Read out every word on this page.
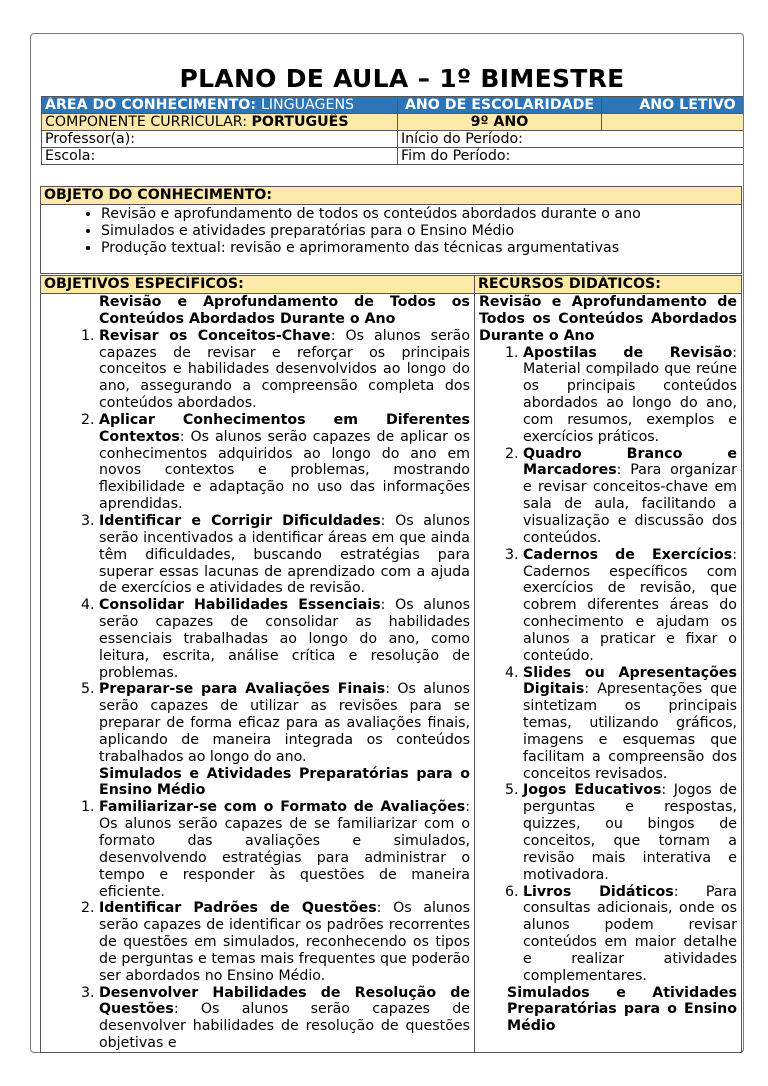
PLANO DE AULA – 1º BIMESTRE
ÁREA DO CONHECIMENTO: LINGUAGENS	ANO DE ESCOLARIDADE	ANO LETIVO
COMPONENTE CURRICULAR: PORTUGUÊS	9º ANO	
Professor(a):	Início do Período:	
Escola:	Fim do Período:	
OBJETO DO CONHECIMENTO:
• Revisão e aprofundamento de todos os conteúdos abordados durante o ano
• Simulados e atividades preparatórias para o Ensino Médio
• Produção textual: revisão e aprimoramento das técnicas argumentativas
OBJETIVOS ESPECÍFICOS:

Revisão e Aprofundamento de Todos os Conteúdos Abordados Durante o Ano

1. Revisar os Conceitos-Chave: Os alunos serão capazes de revisar e reforçar os principais conceitos e habilidades desenvolvidos ao longo do ano, assegurando a compreensão completa dos conteúdos abordados.
2. Aplicar Conhecimentos em Diferentes Contextos: Os alunos serão capazes de aplicar os conhecimentos adquiridos ao longo do ano em novos contextos e problemas, mostrando flexibilidade e adaptação no uso das informações aprendidas.
3. Identificar e Corrigir Dificuldades: Os alunos serão incentivados a identificar áreas em que ainda têm dificuldades, buscando estratégias para superar essas lacunas de aprendizado com a ajuda de exercícios e atividades de revisão.
4. Consolidar Habilidades Essenciais: Os alunos serão capazes de consolidar as habilidades essenciais trabalhadas ao longo do ano, como leitura, escrita, análise crítica e resolução de problemas.
5. Preparar-se para Avaliações Finais: Os alunos serão capazes de utilizar as revisões para se preparar de forma eficaz para as avaliações finais, aplicando de maneira integrada os conteúdos trabalhados ao longo do ano.

Simulados e Atividades Preparatórias para o Ensino Médio

1. Familiarizar-se com o Formato de Avaliações: Os alunos serão capazes de se familiarizar com o formato das avaliações e simulados, desenvolvendo estratégias para administrar o tempo e responder às questões de maneira eficiente.
2. Identificar Padrões de Questões: Os alunos serão capazes de identificar os padrões recorrentes de questões em simulados, reconhecendo os tipos de perguntas e temas mais frequentes que poderão ser abordados no Ensino Médio.
3. Desenvolver Habilidades de Resolução de Questões: Os alunos serão capazes de desenvolver habilidades de resolução de questões objetivas e
RECURSOS DIDÁTICOS:

Revisão e Aprofundamento de Todos os Conteúdos Abordados Durante o Ano

1. Apostilas de Revisão: Material compilado que reúne os principais conteúdos abordados ao longo do ano, com resumos, exemplos e exercícios práticos.
2. Quadro Branco e Marcadores: Para organizar e revisar conceitos-chave em sala de aula, facilitando a visualização e discussão dos conteúdos.
3. Cadernos de Exercícios: Cadernos específicos com exercícios de revisão, que cobrem diferentes áreas do conhecimento e ajudam os alunos a praticar e fixar o conteúdo.
4. Slides ou Apresentações Digitais: Apresentações que sintetizam os principais temas, utilizando gráficos, imagens e esquemas que facilitam a compreensão dos conceitos revisados.
5. Jogos Educativos: Jogos de perguntas e respostas, quizzes, ou bingos de conceitos, que tornam a revisão mais interativa e motivadora.
6. Livros Didáticos: Para consultas adicionais, onde os alunos podem revisar conteúdos em maior detalhe e realizar atividades complementares.

Simulados e Atividades Preparatórias para o Ensino Médio
